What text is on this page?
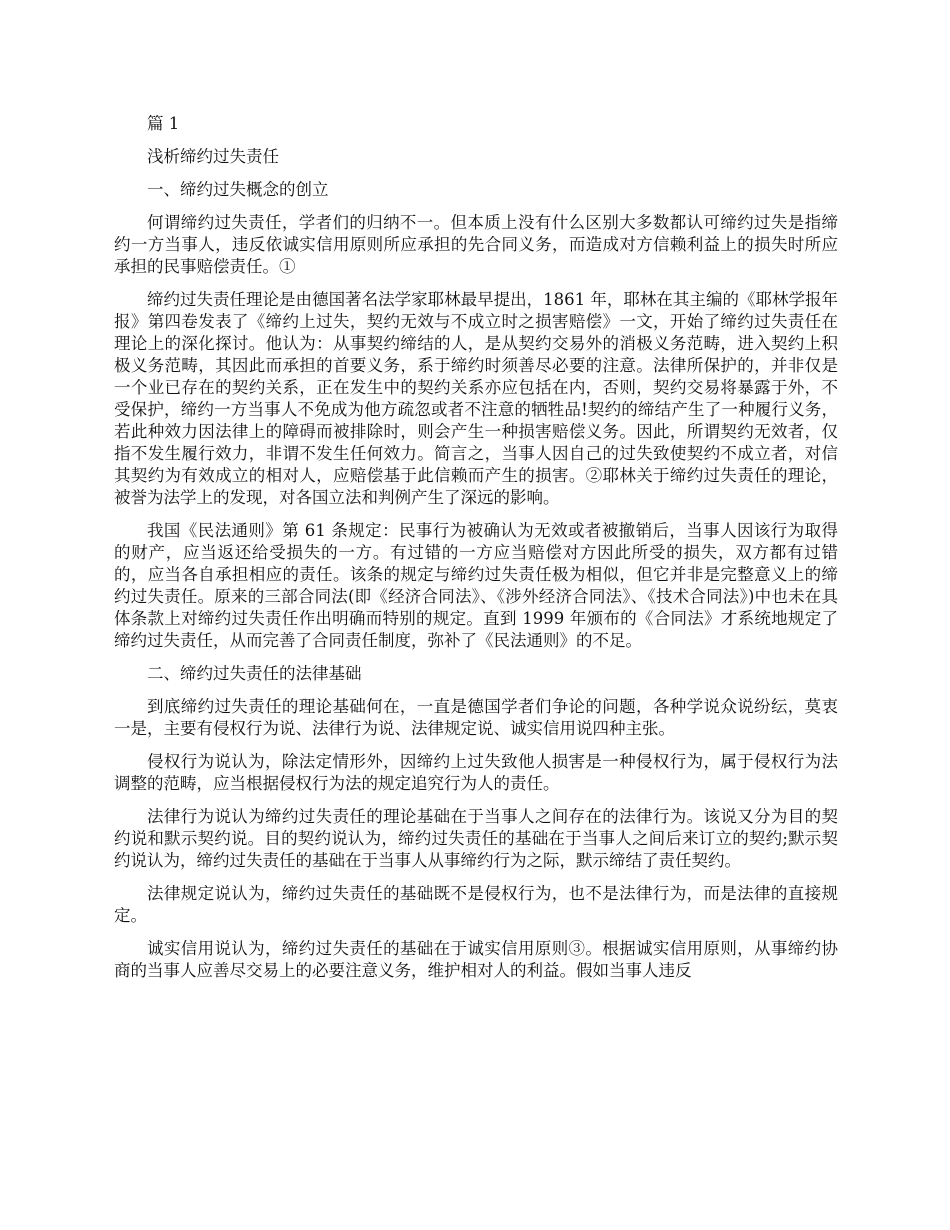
篇 1

浅析缔约过失责任

一、缔约过失概念的创立

何谓缔约过失责任，学者们的归纳不一。但本质上没有什么区别大多数都认可缔约过失是指缔约一方当事人，违反依诚实信用原则所应承担的先合同义务，而造成对方信赖利益上的损失时所应承担的民事赔偿责任。①

缔约过失责任理论是由德国著名法学家耶林最早提出，1861 年，耶林在其主编的《耶林学报年报》第四卷发表了《缔约上过失，契约无效与不成立时之损害赔偿》一文，开始了缔约过失责任在理论上的深化探讨。他认为：从事契约缔结的人，是从契约交易外的消极义务范畴，进入契约上积极义务范畴，其因此而承担的首要义务，系于缔约时须善尽必要的注意。法律所保护的，并非仅是一个业已存在的契约关系，正在发生中的契约关系亦应包括在内，否则，契约交易将暴露于外，不受保护，缔约一方当事人不免成为他方疏忽或者不注意的牺牲品!契约的缔结产生了一种履行义务，若此种效力因法律上的障碍而被排除时，则会产生一种损害赔偿义务。因此，所谓契约无效者，仅指不发生履行效力，非谓不发生任何效力。简言之，当事人因自己的过失致使契约不成立者，对信其契约为有效成立的相对人，应赔偿基于此信赖而产生的损害。②耶林关于缔约过失责任的理论，被誉为法学上的发现，对各国立法和判例产生了深远的影响。

我国《民法通则》第 61 条规定：民事行为被确认为无效或者被撤销后，当事人因该行为取得的财产，应当返还给受损失的一方。有过错的一方应当赔偿对方因此所受的损失，双方都有过错的，应当各自承担相应的责任。该条的规定与缔约过失责任极为相似，但它并非是完整意义上的缔约过失责任。原来的三部合同法(即《经济合同法》、《涉外经济合同法》、《技术合同法》)中也未在具体条款上对缔约过失责任作出明确而特别的规定。直到 1999 年颁布的《合同法》才系统地规定了缔约过失责任，从而完善了合同责任制度，弥补了《民法通则》的不足。

二、缔约过失责任的法律基础

到底缔约过失责任的理论基础何在，一直是德国学者们争论的问题，各种学说众说纷纭，莫衷一是，主要有侵权行为说、法律行为说、法律规定说、诚实信用说四种主张。

侵权行为说认为，除法定情形外，因缔约上过失致他人损害是一种侵权行为，属于侵权行为法调整的范畴，应当根据侵权行为法的规定追究行为人的责任。

法律行为说认为缔约过失责任的理论基础在于当事人之间存在的法律行为。该说又分为目的契约说和默示契约说。目的契约说认为，缔约过失责任的基础在于当事人之间后来订立的契约;默示契约说认为，缔约过失责任的基础在于当事人从事缔约行为之际，默示缔结了责任契约。

法律规定说认为，缔约过失责任的基础既不是侵权行为，也不是法律行为，而是法律的直接规定。

诚实信用说认为，缔约过失责任的基础在于诚实信用原则③。根据诚实信用原则，从事缔约协商的当事人应善尽交易上的必要注意义务，维护相对人的利益。假如当事人违反
